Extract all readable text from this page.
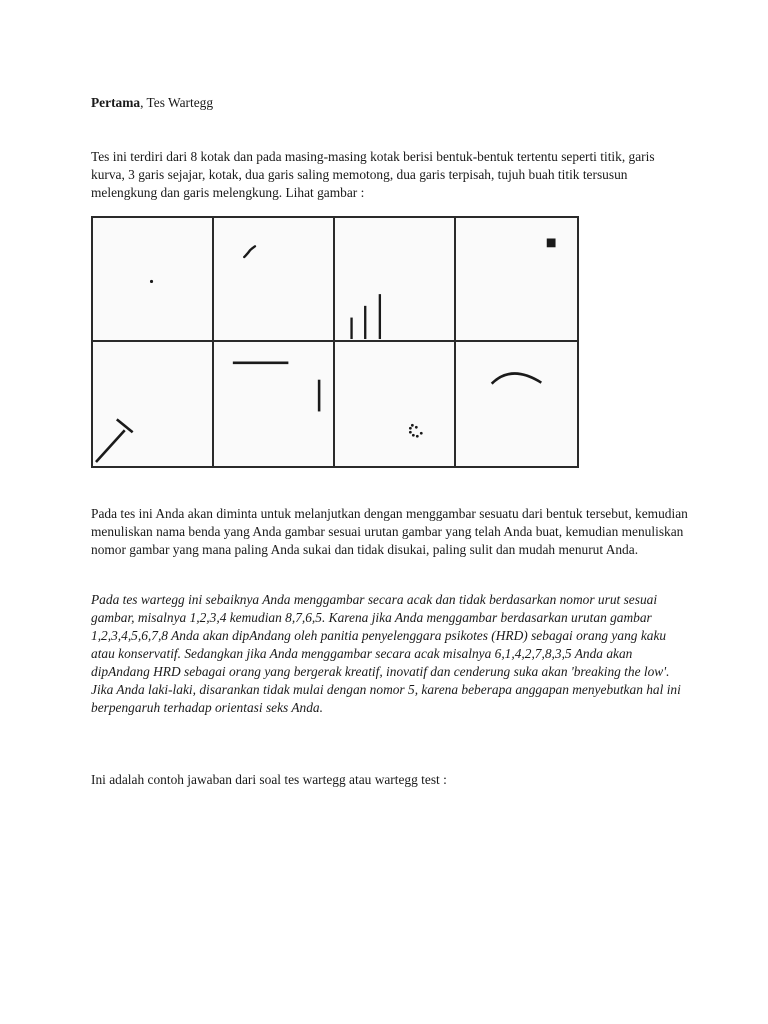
Pertama, Tes Wartegg

Tes ini terdiri dari 8 kotak dan pada masing-masing kotak berisi bentuk-bentuk tertentu seperti titik, garis kurva, 3 garis sejajar, kotak, dua garis saling memotong, dua garis terpisah, tujuh buah titik tersusun melengkung dan garis melengkung. Lihat gambar :

Pada tes ini Anda akan diminta untuk melanjutkan dengan menggambar sesuatu dari bentuk tersebut, kemudian menuliskan nama benda yang Anda gambar sesuai urutan gambar yang telah Anda buat, kemudian menuliskan nomor gambar yang mana paling Anda sukai dan tidak disukai, paling sulit dan mudah menurut Anda.

Pada tes wartegg ini sebaiknya Anda menggambar secara acak dan tidak berdasarkan nomor urut sesuai gambar, misalnya 1,2,3,4 kemudian 8,7,6,5. Karena jika Anda menggambar berdasarkan urutan gambar 1,2,3,4,5,6,7,8 Anda akan dipAndang oleh panitia penyelenggara psikotes (HRD) sebagai orang yang kaku atau konservatif. Sedangkan jika Anda menggambar secara acak misalnya 6,1,4,2,7,8,3,5 Anda akan dipAndang HRD sebagai orang yang bergerak kreatif, inovatif dan cenderung suka akan 'breaking the low'. Jika Anda laki-laki, disarankan tidak mulai dengan nomor 5, karena beberapa anggapan menyebutkan hal ini berpengaruh terhadap orientasi seks Anda.

Ini adalah contoh jawaban dari soal tes wartegg atau wartegg test :
